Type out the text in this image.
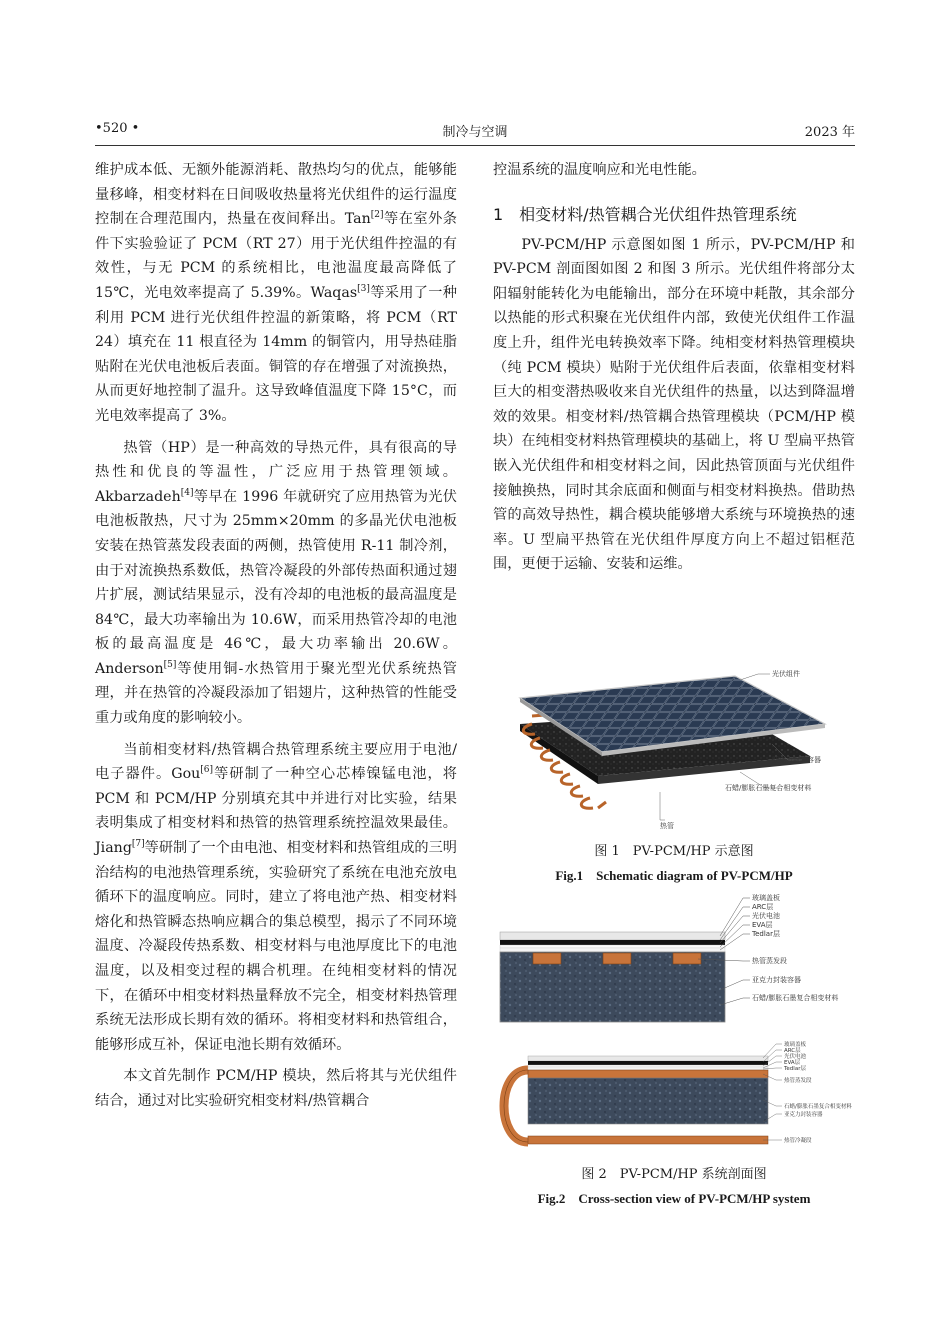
•520 •	制冷与空调	2023 年

维护成本低、无额外能源消耗、散热均匀的优点，能够能量移峰，相变材料在日间吸收热量将光伏组件的运行温度控制在合理范围内，热量在夜间释出。Tan[2]等在室外条件下实验验证了 PCM（RT 27）用于光伏组件控温的有效性，与无 PCM 的系统相比，电池温度最高降低了 15℃，光电效率提高了 5.39%。Waqas[3]等采用了一种利用 PCM 进行光伏组件控温的新策略，将 PCM（RT 24）填充在 11 根直径为 14mm 的铜管内，用导热硅脂贴附在光伏电池板后表面。铜管的存在增强了对流换热，从而更好地控制了温升。这导致峰值温度下降 15°C，而光电效率提高了 3%。

热管（HP）是一种高效的导热元件，具有很高的导热性和优良的等温性，广泛应用于热管理领域。Akbarzadeh[4]等早在 1996 年就研究了应用热管为光伏电池板散热，尺寸为 25mm×20mm 的多晶光伏电池板安装在热管蒸发段表面的两侧，热管使用 R-11 制冷剂，由于对流换热系数低，热管冷凝段的外部传热面积通过翅片扩展，测试结果显示，没有冷却的电池板的最高温度是 84℃，最大功率输出为 10.6W，而采用热管冷却的电池板的最高温度是 46℃，最大功率输出 20.6W。Anderson[5]等使用铜-水热管用于聚光型光伏系统热管理，并在热管的冷凝段添加了铝翅片，这种热管的性能受重力或角度的影响较小。

当前相变材料/热管耦合热管理系统主要应用于电池/电子器件。Gou[6]等研制了一种空心芯棒镍锰电池，将 PCM 和 PCM/HP 分别填充其中并进行对比实验，结果表明集成了相变材料和热管的热管理系统控温效果最佳。Jiang[7]等研制了一个由电池、相变材料和热管组成的三明治结构的电池热管理系统，实验研究了系统在电池充放电循环下的温度响应。同时，建立了将电池产热、相变材料熔化和热管瞬态热响应耦合的集总模型，揭示了不同环境温度、冷凝段传热系数、相变材料与电池厚度比下的电池温度，以及相变过程的耦合机理。在纯相变材料的情况下，在循环中相变材料热量释放不完全，相变材料热管理系统无法形成长期有效的循环。将相变材料和热管组合，能够形成互补，保证电池长期有效循环。

本文首先制作 PCM/HP 模块，然后将其与光伏组件结合，通过对比实验研究相变材料/热管耦合

控温系统的温度响应和光电性能。

1　相变材料/热管耦合光伏组件热管理系统

PV-PCM/HP 示意图如图 1 所示，PV-PCM/HP 和 PV-PCM 剖面图如图 2 和图 3 所示。光伏组件将部分太阳辐射能转化为电能输出，部分在环境中耗散，其余部分以热能的形式积聚在光伏组件内部，致使光伏组件工作温度上升，组件光电转换效率下降。纯相变材料热管理模块（纯 PCM 模块）贴附于光伏组件后表面，依靠相变材料巨大的相变潜热吸收来自光伏组件的热量，以达到降温增效的效果。相变材料/热管耦合热管理模块（PCM/HP 模块）在纯相变材料热管理模块的基础上，将 U 型扁平热管嵌入光伏组件和相变材料之间，因此热管顶面与光伏组件接触换热，同时其余底面和侧面与相变材料换热。借助热管的高效导热性，耦合模块能够增大系统与环境换热的速率。U 型扁平热管在光伏组件厚度方向上不超过铝框范围，更便于运输、安装和运维。

光伏组件
亚克力封装容器
石蜡/膨胀石墨复合相变材料
热管
图 1　PV-PCM/HP 示意图
Fig.1　Schematic diagram of PV-PCM/HP
玻璃盖板
ARC层
光伏电池
EVA层
Tedlar层
热管蒸发段
亚克力封装容器
石蜡/膨胀石墨复合相变材料
玻璃盖板
ARC层
光伏电池
EVA层
Tedlar层
热管蒸发段
石蜡/膨胀石墨复合相变材料
亚克力封装容器
热管冷凝段
图 2　PV-PCM/HP 系统剖面图
Fig.2　Cross-section view of PV-PCM/HP system
